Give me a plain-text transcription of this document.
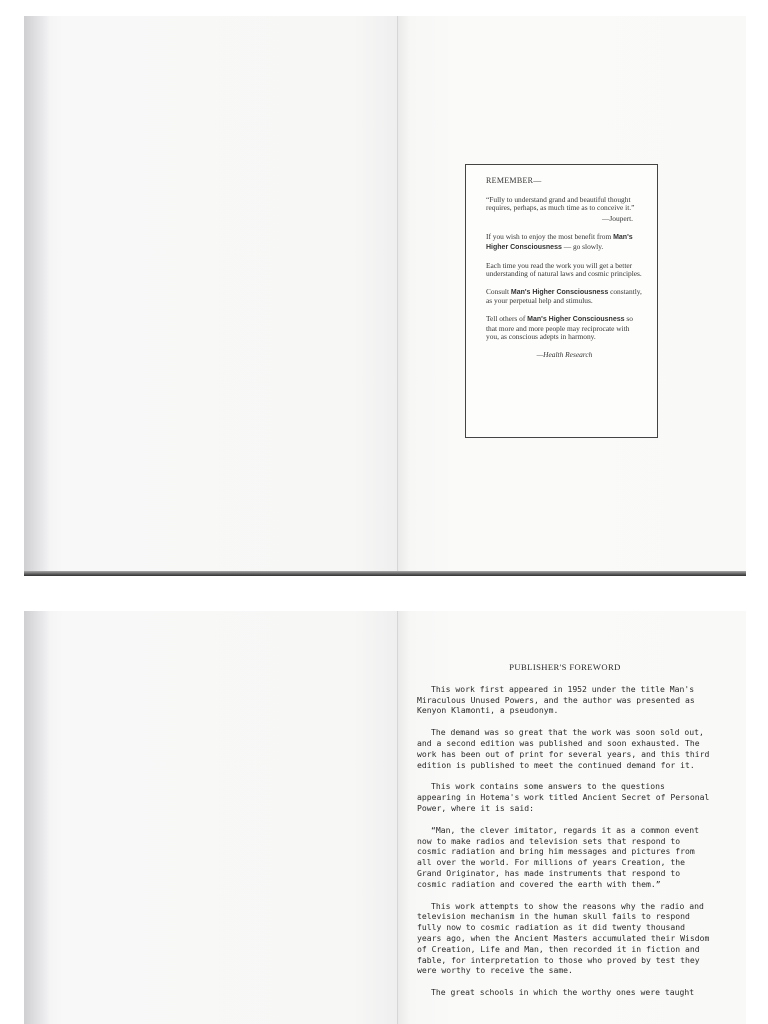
REMEMBER—

“Fully to understand grand and beautiful thought requires, perhaps, as much time as to conceive it.”

—Joupert.

If you wish to enjoy the most benefit from Man's Higher Consciousness — go slowly.

Each time you read the work you will get a better understanding of natural laws and cosmic principles.

Consult Man's Higher Consciousness constantly, as your perpetual help and stimulus.

Tell others of Man's Higher Consciousness so that more and more people may reciprocate with you, as conscious adepts in harmony.

—Health Research
PUBLISHER'S FOREWORD

This work first appeared in 1952 under the title Man's Miraculous Unused Powers, and the author was presented as Kenyon Klamonti, a pseudonym.

The demand was so great that the work was soon sold out, and a second edition was published and soon exhausted. The work has been out of print for several years, and this third edition is published to meet the continued demand for it.

This work contains some answers to the questions appearing in Hotema's work titled Ancient Secret of Personal Power, where it is said:

“Man, the clever imitator, regards it as a common event now to make radios and television sets that respond to cosmic radiation and bring him messages and pictures from all over the world. For millions of years Creation, the Grand Originator, has made instruments that respond to cosmic radiation and covered the earth with them.”

This work attempts to show the reasons why the radio and television mechanism in the human skull fails to respond fully now to cosmic radiation as it did twenty thousand years ago, when the Ancient Masters accumulated their Wisdom of Creation, Life and Man, then recorded it in fiction and fable, for interpretation to those who proved by test they were worthy to receive the same.

The great schools in which the worthy ones were taught
